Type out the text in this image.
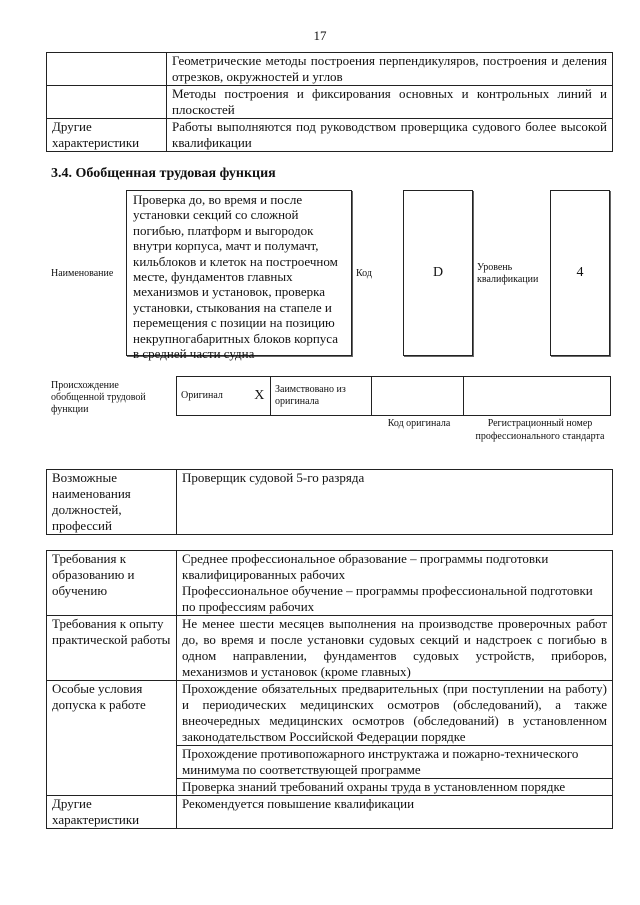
17
	Геометрические методы построения перпендикуляров, построения и деления отрезков, окружностей и углов
	Методы построения и фиксирования основных и контрольных линий и плоскостей
Другие характеристики	Работы выполняются под руководством проверщика судового более высокой квалификации
3.4. Обобщенная трудовая функция
Наименование
Проверка до, во время и после установки секций со сложной погибью, платформ и выгородок внутри корпуса, мачт и полумачт, кильблоков и клеток на построечном месте, фундаментов главных механизмов и установок, проверка установки, стыкования на стапеле и перемещения с позиции на позицию некрупногабаритных блоков корпуса в средней части судна
Код	D	Уровень квалификации	4
Происхождение обобщенной трудовой функции
Оригинал	X	Заимствовано из оригинала		
Код оригинала	Регистрационный номер профессионального стандарта
Возможные наименования должностей, профессий	Проверщик судовой 5-го разряда
Требования к образованию и обучению	Среднее профессиональное образование – программы подготовки квалифицированных рабочих
	Профессиональное обучение – программы профессиональной подготовки по профессиям рабочих
Требования к опыту практической работы	Не менее шести месяцев выполнения на производстве проверочных работ до, во время и после установки судовых секций и надстроек с погибью в одном направлении, фундаментов судовых устройств, приборов, механизмов и установок (кроме главных)
Особые условия допуска к работе	Прохождение обязательных предварительных (при поступлении на работу) и периодических медицинских осмотров (обследований), а также внеочередных медицинских осмотров (обследований) в установленном законодательством Российской Федерации порядке
	Прохождение противопожарного инструктажа и пожарно-технического минимума по соответствующей программе
	Проверка знаний требований охраны труда в установленном порядке
Другие характеристики	Рекомендуется повышение квалификации
